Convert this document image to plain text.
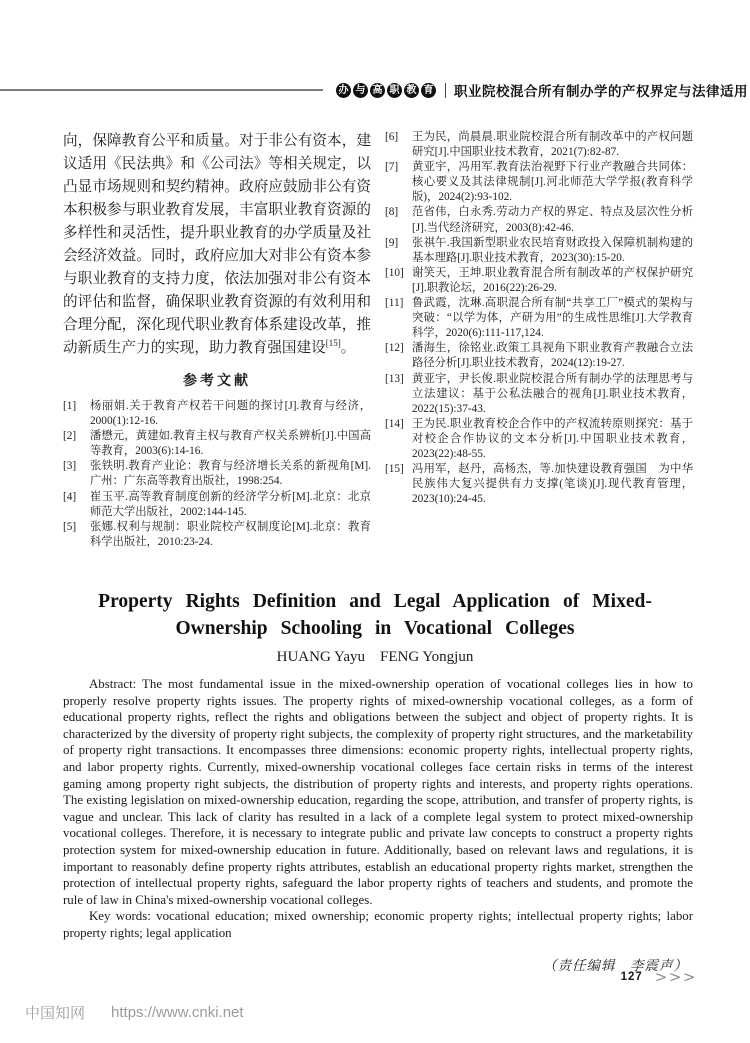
办 与 高 职 教 育 职业院校混合所有制办学的产权界定与法律适用

向，保障教育公平和质量。对于非公有资本，建议适用《民法典》和《公司法》等相关规定，以凸显市场规则和契约精神。政府应鼓励非公有资本积极参与职业教育发展，丰富职业教育资源的多样性和灵活性，提升职业教育的办学质量及社会经济效益。同时，政府应加大对非公有资本参与职业教育的支持力度，依法加强对非公有资本的评估和监督，确保职业教育资源的有效利用和合理分配，深化现代职业教育体系建设改革，推动新质生产力的实现，助力教育强国建设[15]。

参考文献
[1]	杨丽娟.关于教育产权若干问题的探讨[J].教育与经济，2000(1):12-16.
[2]	潘懋元，黄建如.教育主权与教育产权关系辨析[J].中国高等教育，2003(6):14-16.
[3]	张铁明.教育产业论：教育与经济增长关系的新视角[M].广州：广东高等教育出版社，1998:254.
[4]	崔玉平.高等教育制度创新的经济学分析[M].北京：北京师范大学出版社，2002:144-145.
[5]	张娜.权利与规制：职业院校产权制度论[M].北京：教育科学出版社，2010:23-24.
[6]	王为民，尚晨晨.职业院校混合所有制改革中的产权问题研究[J].中国职业技术教育，2021(7):82-87.
[7]	黄亚宇，冯用军.教育法治视野下行业产教融合共同体：核心要义及其法律规制[J].河北师范大学学报(教育科学版)，2024(2):93-102.
[8]	范省伟，白永秀.劳动力产权的界定、特点及层次性分析[J].当代经济研究，2003(8):42-46.
[9]	张祺午.我国新型职业农民培育财政投入保障机制构建的基本理路[J].职业技术教育，2023(30):15-20.
[10] 谢笑天，王坤.职业教育混合所有制改革的产权保护研究[J].职教论坛，2016(22):26-29.
[11] 鲁武霞，沈琳.高职混合所有制“共享工厂”模式的架构与突破：“以学为体，产研为用”的生成性思维[J].大学教育科学，2020(6):111-117,124.
[12] 潘海生，徐铭业.政策工具视角下职业教育产教融合立法路径分析[J].职业技术教育，2024(12):19-27.
[13] 黄亚宇，尹长俊.职业院校混合所有制办学的法理思考与立法建议：基于公私法融合的视角[J].职业技术教育，2022(15):37-43.
[14] 王为民.职业教育校企合作中的产权流转原则探究：基于对校企合作协议的文本分析[J].中国职业技术教育，2023(22):48-55.
[15] 冯用军，赵丹，高杨杰，等.加快建设教育强国　为中华民族伟大复兴提供有力支撑(笔谈)[J].现代教育管理，2023(10):24-45.
Property Rights Definition and Legal Application of Mixed-
Ownership Schooling in Vocational Colleges
HUANG Yayu FENG Yongjun

Abstract: The most fundamental issue in the mixed-ownership operation of vocational colleges lies in how to properly resolve property rights issues. The property rights of mixed-ownership vocational colleges, as a form of educational property rights, reflect the rights and obligations between the subject and object of property rights. It is characterized by the diversity of property right subjects, the complexity of property right structures, and the marketability of property right transactions. It encompasses three dimensions: economic property rights, intellectual property rights, and labor property rights. Currently, mixed-ownership vocational colleges face certain risks in terms of the interest gaming among property right subjects, the distribution of property rights and interests, and property rights operations. The existing legislation on mixed-ownership education, regarding the scope, attribution, and transfer of property rights, is vague and unclear. This lack of clarity has resulted in a lack of a complete legal system to protect mixed-ownership vocational colleges. Therefore, it is necessary to integrate public and private law concepts to construct a property rights protection system for mixed-ownership education in future. Additionally, based on relevant laws and regulations, it is important to reasonably define property rights attributes, establish an educational property rights market, strengthen the protection of intellectual property rights, safeguard the labor property rights of teachers and students, and promote the rule of law in China's mixed-ownership vocational colleges.

Key words: vocational education; mixed ownership; economic property rights; intellectual property rights; labor property rights; legal application

（责任编辑　李震声）
127 >>>
中国知网 https://www.cnki.net
